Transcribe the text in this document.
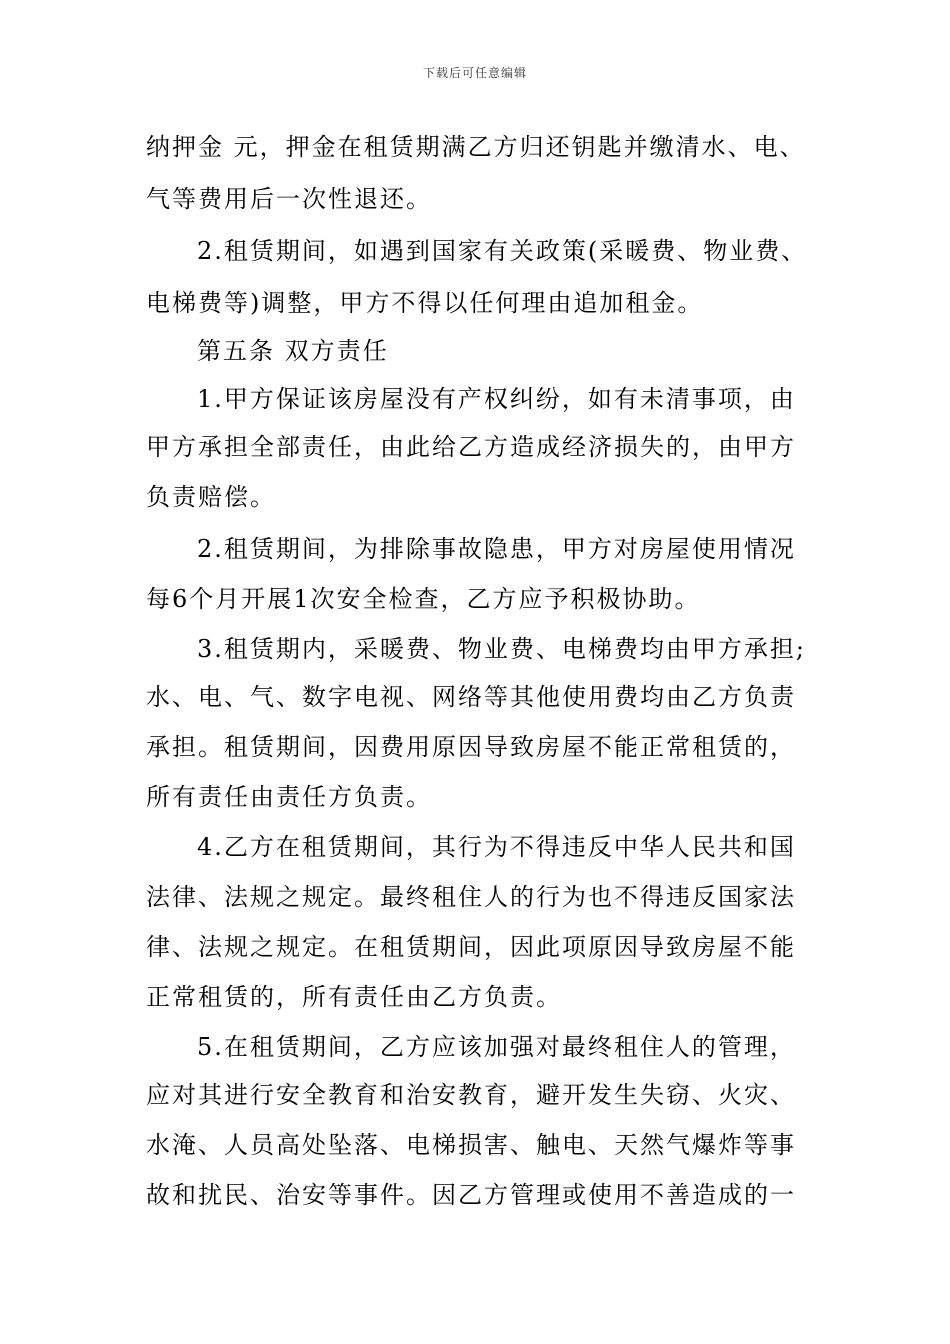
下载后可任意编辑
纳押金 元，押金在租赁期满乙方归还钥匙并缴清水、电、
气等费用后一次性退还。
2.租赁期间，如遇到国家有关政策(采暖费、物业费、
电梯费等)调整，甲方不得以任何理由追加租金。
第五条 双方责任
1.甲方保证该房屋没有产权纠纷，如有未清事项，由
甲方承担全部责任，由此给乙方造成经济损失的，由甲方
负责赔偿。
2.租赁期间，为排除事故隐患，甲方对房屋使用情况
每6个月开展1次安全检查，乙方应予积极协助。
3.租赁期内，采暖费、物业费、电梯费均由甲方承担;
水、电、气、数字电视、网络等其他使用费均由乙方负责
承担。租赁期间，因费用原因导致房屋不能正常租赁的，
所有责任由责任方负责。
4.乙方在租赁期间，其行为不得违反中华人民共和国
法律、法规之规定。最终租住人的行为也不得违反国家法
律、法规之规定。在租赁期间，因此项原因导致房屋不能
正常租赁的，所有责任由乙方负责。
5.在租赁期间，乙方应该加强对最终租住人的管理，
应对其进行安全教育和治安教育，避开发生失窃、火灾、
水淹、人员高处坠落、电梯损害、触电、天然气爆炸等事
故和扰民、治安等事件。因乙方管理或使用不善造成的一
